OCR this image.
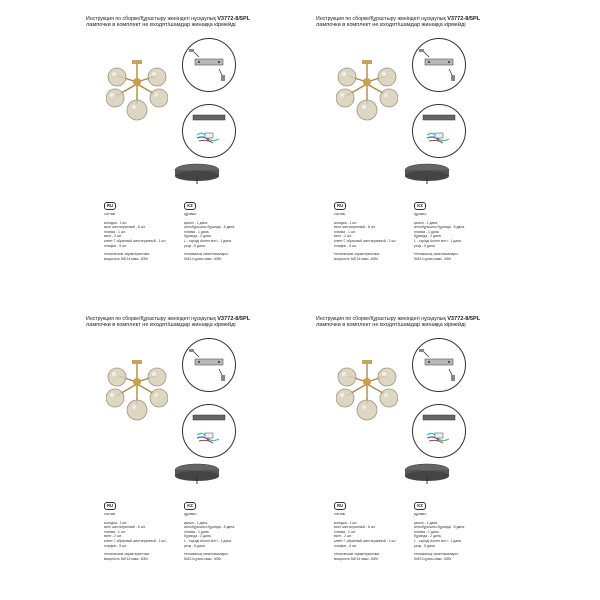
Инструкция по сборке/Құрастыру жөніндегі нұсқаулық V3772-8/5PL
лампочки в комплект не входят/шамдар жинаққа кірмейді
RU
состав:
колодка - 1 шт.
винт шестигранный - 8 шт.
планка - 1 шт.
винт - 2 шт.
клеет Г-образный шестигранный - 1 шт.
плафон - 5 шт.
технические характеристики:
мощность 5xE14 макс. 40Вт
KZ
құрамы:
қалып - 1 дана.
алтыбұрышты бұрандa - 8 дана.
планка - 1 дана.
бұранда - 2 дана.
L - тәрізді Аллен кілті - 1 дана.
реңк - 5 дана.
техникалық сипаттамалары:
5xE14 қуаты макс. 40Вт
Инструкция по сборке/Құрастыру жөніндегі нұсқаулық V3772-8/5PL
лампочки в комплект не входят/шамдар жинаққа кірмейді
RU
состав:
колодка - 1 шт.
винт шестигранный - 8 шт.
планка - 1 шт.
винт - 2 шт.
клеет Г-образный шестигранный - 1 шт.
плафон - 5 шт.
технические характеристики:
мощность 5xE14 макс. 40Вт
KZ
құрамы:
қалып - 1 дана.
алтыбұрышты бұрандa - 8 дана.
планка - 1 дана.
бұранда - 2 дана.
L - тәрізді Аллен кілті - 1 дана.
реңк - 5 дана.
техникалық сипаттамалары:
5xE14 қуаты макс. 40Вт
Инструкция по сборке/Құрастыру жөніндегі нұсқаулық V3772-8/5PL
лампочки в комплект не входят/шамдар жинаққа кірмейді
RU
состав:
колодка - 1 шт.
винт шестигранный - 8 шт.
планка - 1 шт.
винт - 2 шт.
клеет Г-образный шестигранный - 1 шт.
плафон - 5 шт.
технические характеристики:
мощность 5xE14 макс. 40Вт
KZ
құрамы:
қалып - 1 дана.
алтыбұрышты бұрандa - 8 дана.
планка - 1 дана.
бұранда - 2 дана.
L - тәрізді Аллен кілті - 1 дана.
реңк - 5 дана.
техникалық сипаттамалары:
5xE14 қуаты макс. 40Вт
Инструкция по сборке/Құрастыру жөніндегі нұсқаулық V3772-8/5PL
лампочки в комплект не входят/шамдар жинаққа кірмейді
RU
состав:
колодка - 1 шт.
винт шестигранный - 8 шт.
планка - 1 шт.
винт - 2 шт.
клеет Г-образный шестигранный - 1 шт.
плафон - 5 шт.
технические характеристики:
мощность 5xE14 макс. 40Вт
KZ
құрамы:
қалып - 1 дана.
алтыбұрышты бұрандa - 8 дана.
планка - 1 дана.
бұранда - 2 дана.
L - тәрізді Аллен кілті - 1 дана.
реңк - 5 дана.
техникалық сипаттамалары:
5xE14 қуаты макс. 40Вт
